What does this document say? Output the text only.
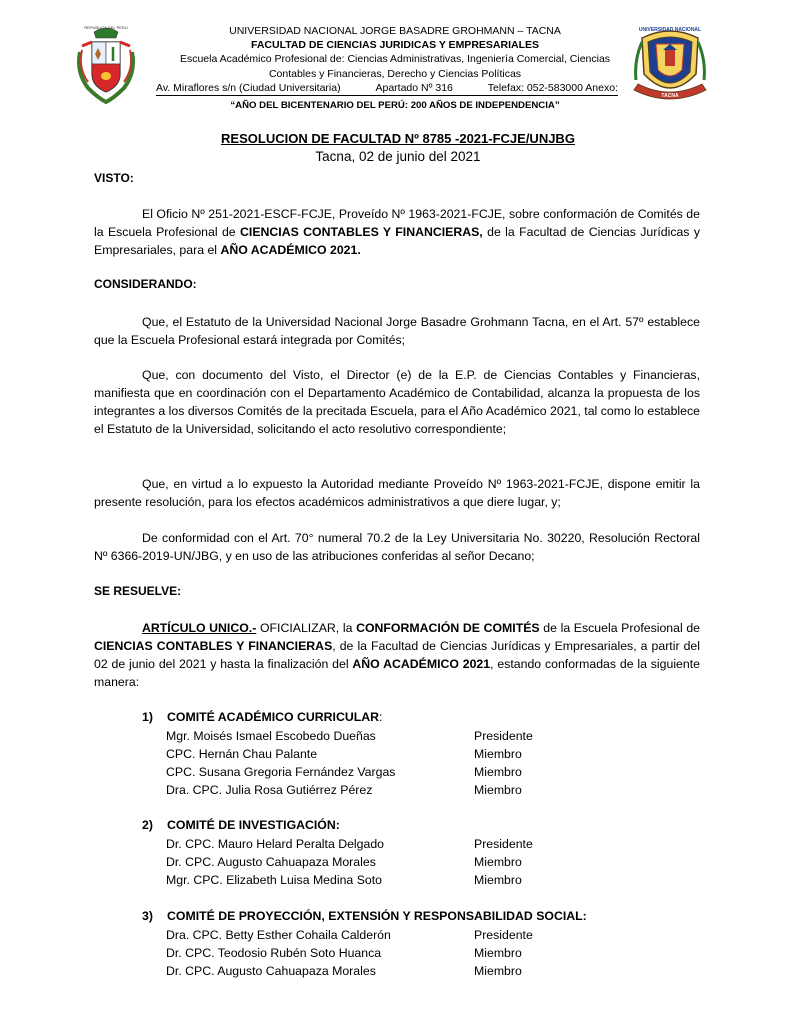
REPUBLICA DEL PERU	UNIVERSIDAD NACIONAL
TACNA
UNIVERSIDAD NACIONAL JORGE BASADRE GROHMANN – TACNA
FACULTAD DE CIENCIAS JURIDICAS Y EMPRESARIALES
Escuela Académico Profesional de: Ciencias Administrativas, Ingeniería Comercial, Ciencias
Contables y Financieras, Derecho y Ciencias Políticas
Av. Miraflores s/n (Ciudad Universitaria)	Apartado Nº 316	Telefax: 052-583000 Anexo:
“AÑO DEL BICENTENARIO DEL PERÚ: 200 AÑOS DE INDEPENDENCIA”
RESOLUCION DE FACULTAD Nº 8785 -2021-FCJE/UNJBG
Tacna, 02 de junio del 2021
VISTO:
El Oficio Nº 251-2021-ESCF-FCJE, Proveído Nº 1963-2021-FCJE, sobre conformación de Comités de la Escuela Profesional de CIENCIAS CONTABLES Y FINANCIERAS, de la Facultad de Ciencias Jurídicas y Empresariales, para el AÑO ACADÉMICO 2021.
CONSIDERANDO:
Que, el Estatuto de la Universidad Nacional Jorge Basadre Grohmann Tacna, en el Art. 57º establece que la Escuela Profesional estará integrada por Comités;
Que, con documento del Visto, el Director (e) de la E.P. de Ciencias Contables y Financieras, manifiesta que en coordinación con el Departamento Académico de Contabilidad, alcanza la propuesta de los integrantes a los diversos Comités de la precitada Escuela, para el Año Académico 2021, tal como lo establece el Estatuto de la Universidad, solicitando el acto resolutivo correspondiente;
Que, en virtud a lo expuesto la Autoridad mediante Proveído Nº 1963-2021-FCJE, dispone emitir la presente resolución, para los efectos académicos administrativos a que diere lugar, y;
De conformidad con el Art. 70° numeral 70.2 de la Ley Universitaria No. 30220, Resolución Rectoral Nº 6366-2019-UN/JBG, y en uso de las atribuciones conferidas al señor Decano;
SE RESUELVE:
ARTÍCULO UNICO.- OFICIALIZAR, la CONFORMACIÓN DE COMITÉS de la Escuela Profesional de CIENCIAS CONTABLES Y FINANCIERAS, de la Facultad de Ciencias Jurídicas y Empresariales, a partir del 02 de junio del 2021 y hasta la finalización del AÑO ACADÉMICO 2021, estando conformadas de la siguiente manera:
1) COMITÉ ACADÉMICO CURRICULAR:
Mgr. Moisés Ismael Escobedo Dueñas	Presidente
CPC. Hernán Chau Palante	Miembro
CPC. Susana Gregoria Fernández Vargas	Miembro
Dra. CPC. Julia Rosa Gutiérrez Pérez	Miembro
2) COMITÉ DE INVESTIGACIÓN:
Dr. CPC. Mauro Helard Peralta Delgado	Presidente
Dr. CPC. Augusto Cahuapaza Morales	Miembro
Mgr. CPC. Elizabeth Luisa Medina Soto	Miembro
3) COMITÉ DE PROYECCIÓN, EXTENSIÓN Y RESPONSABILIDAD SOCIAL:
Dra. CPC. Betty Esther Cohaila Calderón	Presidente
Dr. CPC. Teodosio Rubén Soto Huanca	Miembro
Dr. CPC. Augusto Cahuapaza Morales	Miembro
